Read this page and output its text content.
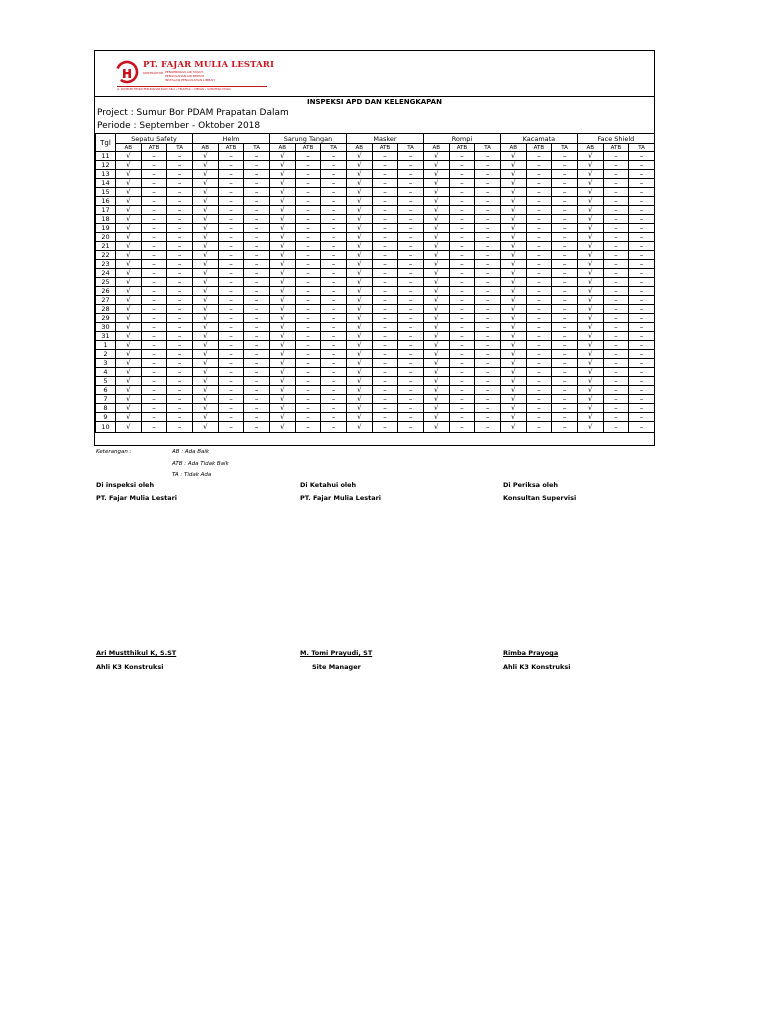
PT. FAJAR MULIA LESTARI
KONTRAKTOR PENGEBORAN AIR TANAH
PENGOLAHAN AIR BERSIH
INSTALASI PENGOLAHAN LIMBAH
JL. KOMPLEK TEKNO PERUMAHAN BLOK GB.2 • TELP./FAX. • MEDAN • SUMATERA UTARA
INSPEKSI APD DAN KELENGKAPAN
Project : Sumur Bor PDAM Prapatan Dalam
Periode : September - Oktober 2018
Tgl	Sepatu Safety			Helm			Sarung Tangan			Masker			Rompi			Kacamata			Face Shield		
	AB	ATB	TA	AB	ATB	TA	AB	ATB	TA	AB	ATB	TA	AB	ATB	TA	AB	ATB	TA	AB	ATB	TA
11	√	–	–	√	–	–	√	–	–	√	–	–	√	–	–	√	–	–	√	–	–
12	√	–	–	√	–	–	√	–	–	√	–	–	√	–	–	√	–	–	√	–	–
13	√	–	–	√	–	–	√	–	–	√	–	–	√	–	–	√	–	–	√	–	–
14	√	–	–	√	–	–	√	–	–	√	–	–	√	–	–	√	–	–	√	–	–
15	√	–	–	√	–	–	√	–	–	√	–	–	√	–	–	√	–	–	√	–	–
16	√	–	–	√	–	–	√	–	–	√	–	–	√	–	–	√	–	–	√	–	–
17	√	–	–	√	–	–	√	–	–	√	–	–	√	–	–	√	–	–	√	–	–
18	√	–	–	√	–	–	√	–	–	√	–	–	√	–	–	√	–	–	√	–	–
19	√	–	–	√	–	–	√	–	–	√	–	–	√	–	–	√	–	–	√	–	–
20	√	–	–	√	–	–	√	–	–	√	–	–	√	–	–	√	–	–	√	–	–
21	√	–	–	√	–	–	√	–	–	√	–	–	√	–	–	√	–	–	√	–	–
22	√	–	–	√	–	–	√	–	–	√	–	–	√	–	–	√	–	–	√	–	–
23	√	–	–	√	–	–	√	–	–	√	–	–	√	–	–	√	–	–	√	–	–
24	√	–	–	√	–	–	√	–	–	√	–	–	√	–	–	√	–	–	√	–	–
25	√	–	–	√	–	–	√	–	–	√	–	–	√	–	–	√	–	–	√	–	–
26	√	–	–	√	–	–	√	–	–	√	–	–	√	–	–	√	–	–	√	–	–
27	√	–	–	√	–	–	√	–	–	√	–	–	√	–	–	√	–	–	√	–	–
28	√	–	–	√	–	–	√	–	–	√	–	–	√	–	–	√	–	–	√	–	–
29	√	–	–	√	–	–	√	–	–	√	–	–	√	–	–	√	–	–	√	–	–
30	√	–	–	√	–	–	√	–	–	√	–	–	√	–	–	√	–	–	√	–	–
31	√	–	–	√	–	–	√	–	–	√	–	–	√	–	–	√	–	–	√	–	–
1	√	–	–	√	–	–	√	–	–	√	–	–	√	–	–	√	–	–	√	–	–
2	√	–	–	√	–	–	√	–	–	√	–	–	√	–	–	√	–	–	√	–	–
3	√	–	–	√	–	–	√	–	–	√	–	–	√	–	–	√	–	–	√	–	–
4	√	–	–	√	–	–	√	–	–	√	–	–	√	–	–	√	–	–	√	–	–
5	√	–	–	√	–	–	√	–	–	√	–	–	√	–	–	√	–	–	√	–	–
6	√	–	–	√	–	–	√	–	–	√	–	–	√	–	–	√	–	–	√	–	–
7	√	–	–	√	–	–	√	–	–	√	–	–	√	–	–	√	–	–	√	–	–
8	√	–	–	√	–	–	√	–	–	√	–	–	√	–	–	√	–	–	√	–	–
9	√	–	–	√	–	–	√	–	–	√	–	–	√	–	–	√	–	–	√	–	–
10	√	–	–	√	–	–	√	–	–	√	–	–	√	–	–	√	–	–	√	–	–
Keterangan :	AB : Ada Baik
ATB : Ada Tidak Baik
TA : Tidak Ada
Di inspeksi oleh
PT. Fajar Mulia Lestari
Ari Mustthikul K, S.ST
Ahli K3 Konstruksi
Di Ketahui oleh
PT. Fajar Mulia Lestari
M. Tomi Prayudi, ST
Site Manager
Di Periksa oleh
Konsultan Supervisi
Rimba Prayoga
Ahli K3 Konstruksi
